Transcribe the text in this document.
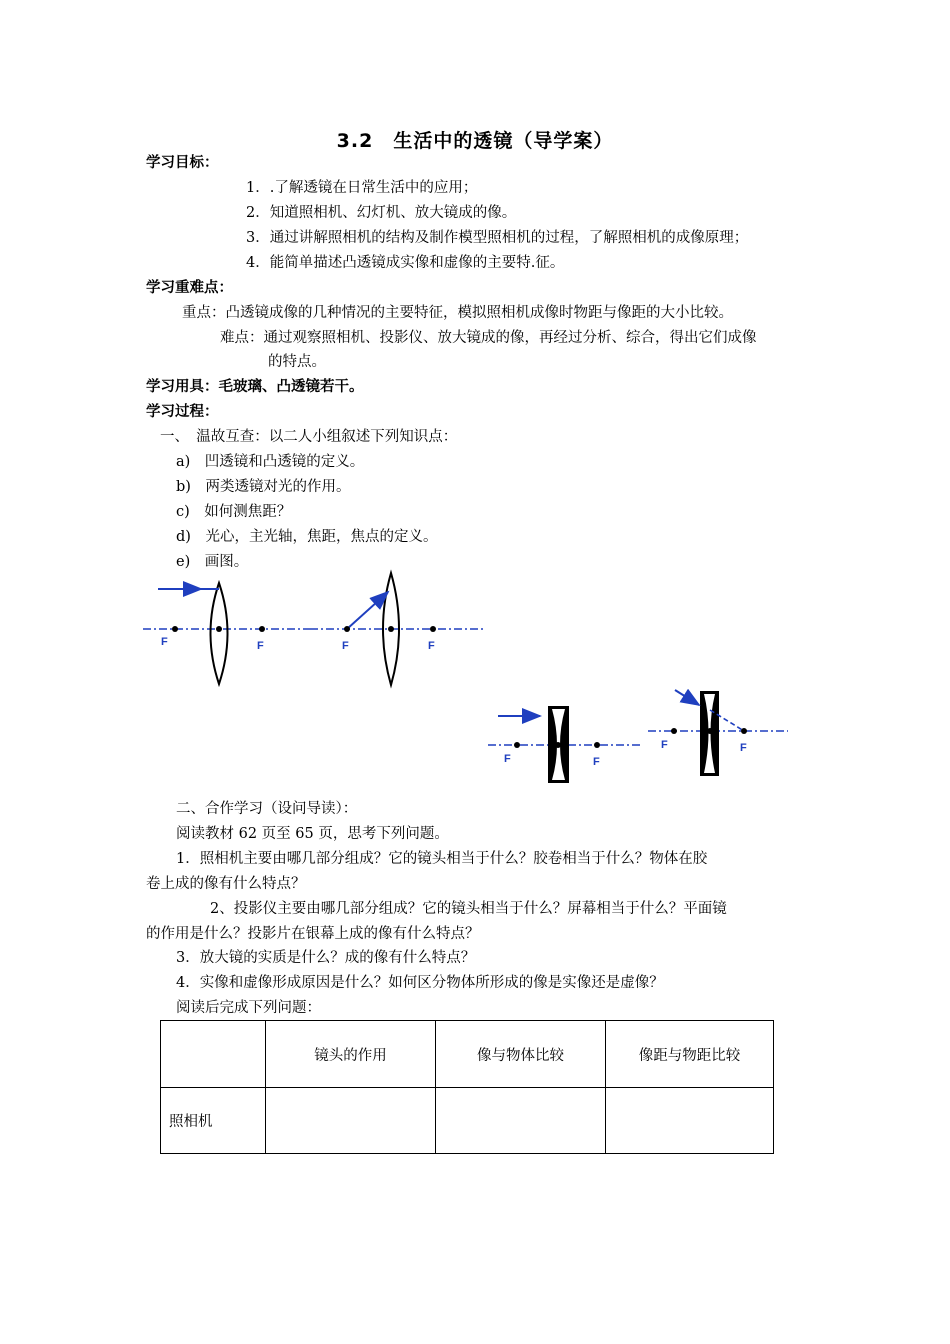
3.2　生活中的透镜（导学案）
学习目标：
1．.了解透镜在日常生活中的应用；
2．知道照相机、幻灯机、放大镜成的像。
3．通过讲解照相机的结构及制作模型照相机的过程，了解照相机的成像原理；
4．能简单描述凸透镜成实像和虚像的主要特.征。
学习重难点：
重点：凸透镜成像的几种情况的主要特征，模拟照相机成像时物距与像距的大小比较。
难点：通过观察照相机、投影仪、放大镜成的像，再经过分析、综合，得出它们成像
的特点。
学习用具：毛玻璃、凸透镜若干。
学习过程：
一、　温故互查：以二人小组叙述下列知识点：
a)　凹透镜和凸透镜的定义。
b)　两类透镜对光的作用。
c)　如何测焦距？
d)　光心，主光轴，焦距，焦点的定义。
e)　画图。
F	F	F	F
F	F
F	F
二、合作学习（设问导读）：
阅读教材 62 页至 65 页，思考下列问题。
1．照相机主要由哪几部分组成？它的镜头相当于什么？胶卷相当于什么？物体在胶
卷上成的像有什么特点？
2、投影仪主要由哪几部分组成？它的镜头相当于什么？屏幕相当于什么？平面镜
的作用是什么？投影片在银幕上成的像有什么特点？
3．放大镜的实质是什么？成的像有什么特点？
4．实像和虚像形成原因是什么？如何区分物体所形成的像是实像还是虚像？
阅读后完成下列问题：
	镜头的作用	像与物体比较	像距与物距比较
照相机			
